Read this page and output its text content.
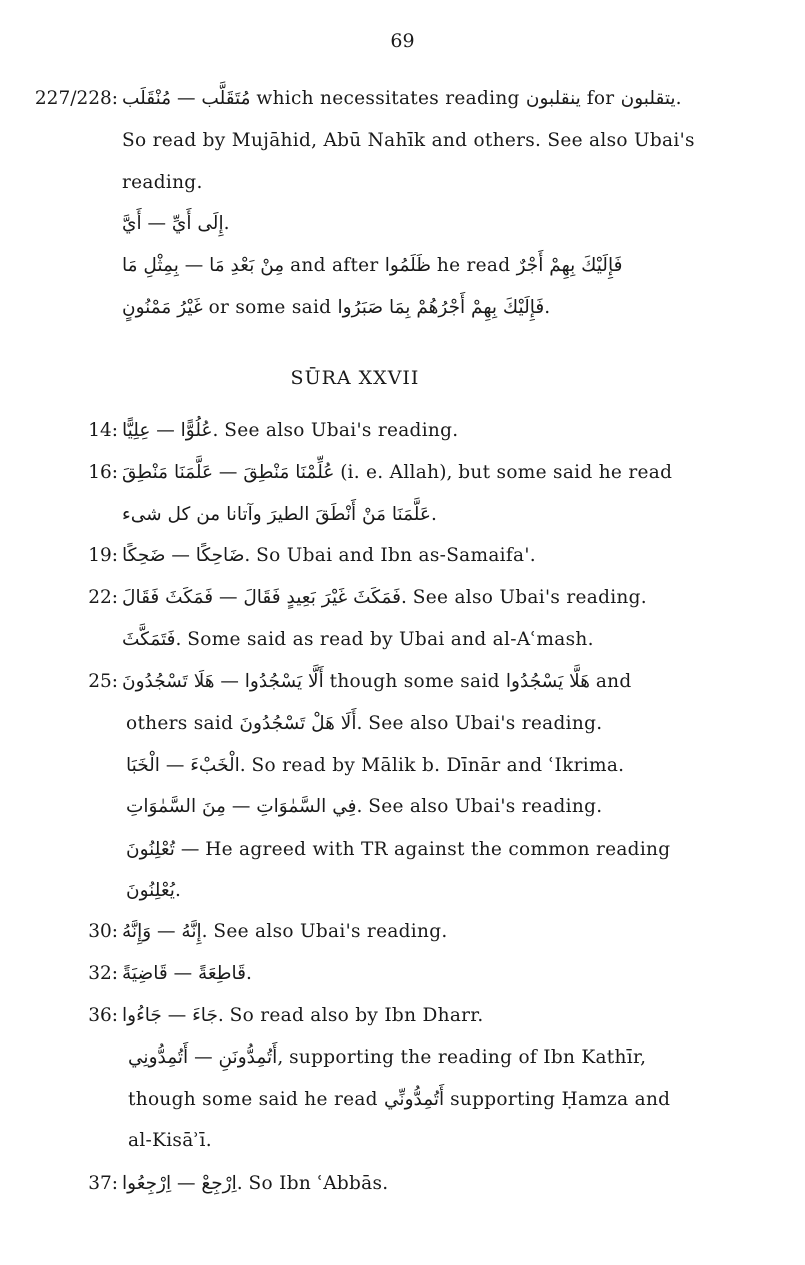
69
227/228: مُتَقَلَّب — مُنْقَلَب which necessitates reading ينقلبون for يتقلبون.
So read by Mujāhid, Abū Nahīk and others. See also Ubai's
reading.
إِلَى أَيِّ — أَيَّ.
مِنْ بَعْدِ مَا — بِمِثْلِ مَا and after ظَلَمُوا he read فَإِلَيْكَ بِهِمْ أَجْرٌ
غَيْرُ مَمْنُونٍ or some said فَإِلَيْكَ بِهِمْ أَجْرُهُمْ بِمَا صَبَرُوا.
SŪRA XXVII
14: عُلُوًّا — عِلِيًّا. See also Ubai's reading.
16: عُلِّمْنَا مَنْطِقَ — عَلَّمَنَا مَنْطِقَ (i. e. Allah), but some said he read
عَلَّمَنَا مَنْ أَنْطَقَ الطيرَ وآتانا من كل شىء.
19: ضَاحِكًا — ضَحِكًا. So Ubai and Ibn as-Samaifa'.
22: فَمَكَثَ غَيْرَ بَعِيدٍ فَقَالَ — فَمَكَثَ فَقَالَ. See also Ubai's reading.
فَتَمَكَّثَ. Some said as read by Ubai and al-Aʿmash.
25: أَلَّا يَسْجُدُوا — هَلَا تَسْجُدُونَ though some said هَلَّا يَسْجُدُوا and
others said أَلَا هَلْ تَسْجُدُونَ. See also Ubai's reading.
الْخَبْءَ — الْخَبَا. So read by Mālik b. Dīnār and ʿIkrima.
فِي السَّمٰوَاتِ — مِنَ السَّمٰوَاتِ. See also Ubai's reading.
تُعْلِنُونَ — He agreed with TR against the common reading
يُعْلِنُونَ.
30: إِنَّهُ — وَإِنَّهُ. See also Ubai's reading.
32: قَاطِعَةً — قَاضِيَةً.
36: جَاءَ — جَاءُوا. So read also by Ibn Dharr.
أَتُمِدُّونَنِ — أَتُمِدُّونِي, supporting the reading of Ibn Kathīr,
though some said he read أَتُمِدُّونِّي supporting Ḥamza and
al-Kisāʾī.
37: اِرْجِعْ — اِرْجِعُوا. So Ibn ʿAbbās.
